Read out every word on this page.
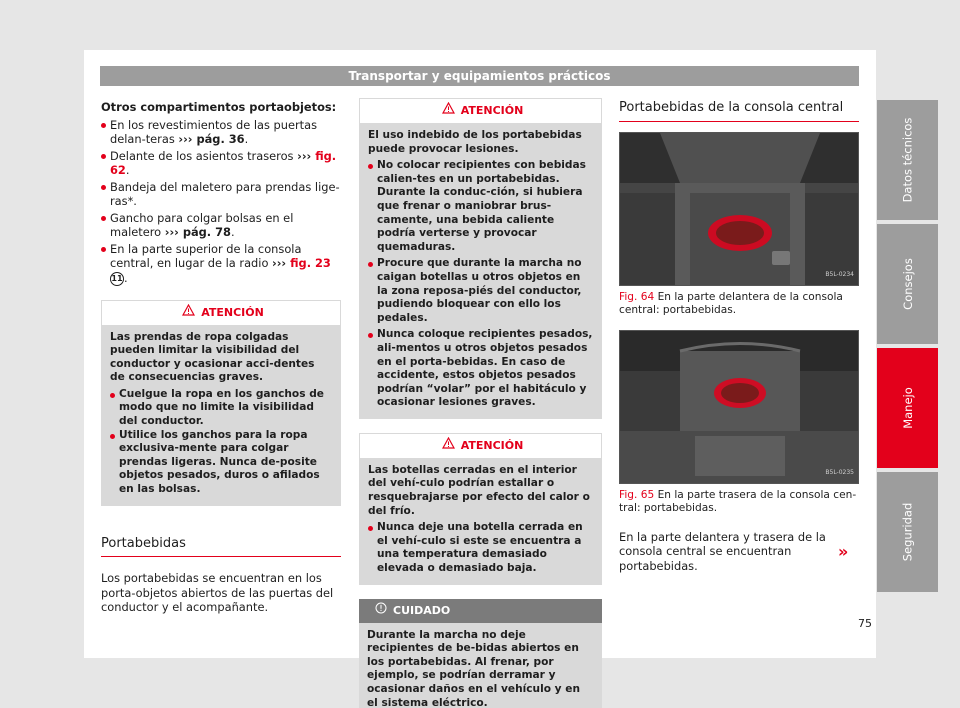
Transportar y equipamientos prácticos
Otros compartimentos portaobjetos:
En los revestimientos de las puertas delan-teras ››› pág. 36.
Delante de los asientos traseros ››› fig. 62.
Bandeja del maletero para prendas lige-ras*.
Gancho para colgar bolsas en el maletero ››› pág. 78.
En la parte superior de la consola central, en lugar de la radio ››› fig. 23 11.
ATENCIÓN

Las prendas de ropa colgadas pueden limitar la visibilidad del conductor y ocasionar acci-dentes de consecuencias graves.

Cuelgue la ropa en los ganchos de modo que no limite la visibilidad del conductor.
Utilice los ganchos para la ropa exclusiva-mente para colgar prendas ligeras. Nunca de-posite objetos pesados, duros o afilados en las bolsas.
Portabebidas

Los portabebidas se encuentran en los porta-objetos abiertos de las puertas del conductor y el acompañante.

ATENCIÓN

El uso indebido de los portabebidas puede provocar lesiones.

No colocar recipientes con bebidas calien-tes en un portabebidas. Durante la conduc-ción, si hubiera que frenar o maniobrar brus-camente, una bebida caliente podría verterse y provocar quemaduras.
Procure que durante la marcha no caigan botellas u otros objetos en la zona reposa-piés del conductor, pudiendo bloquear con ello los pedales.
Nunca coloque recipientes pesados, ali-mentos u otros objetos pesados en el porta-bebidas. En caso de accidente, estos objetos pesados podrían “volar” por el habitáculo y ocasionar lesiones graves.
ATENCIÓN

Las botellas cerradas en el interior del vehí-culo podrían estallar o resquebrajarse por efecto del calor o del frío.

Nunca deje una botella cerrada en el vehí-culo si este se encuentra a una temperatura demasiado elevada o demasiado baja.
CUIDADO

Durante la marcha no deje recipientes de be-bidas abiertos en los portabebidas. Al frenar, por ejemplo, se podrían derramar y ocasionar daños en el vehículo y en el sistema eléctrico.

Portabebidas de la consola central
B5L-0234
Fig. 64 En la parte delantera de la consola central: portabebidas.
B5L-0235
Fig. 65 En la parte trasera de la consola cen-tral: portabebidas.

En la parte delantera y trasera de la consola central se encuentran portabebidas.

»
Datos técnicos
Consejos
Manejo
Seguridad
75
